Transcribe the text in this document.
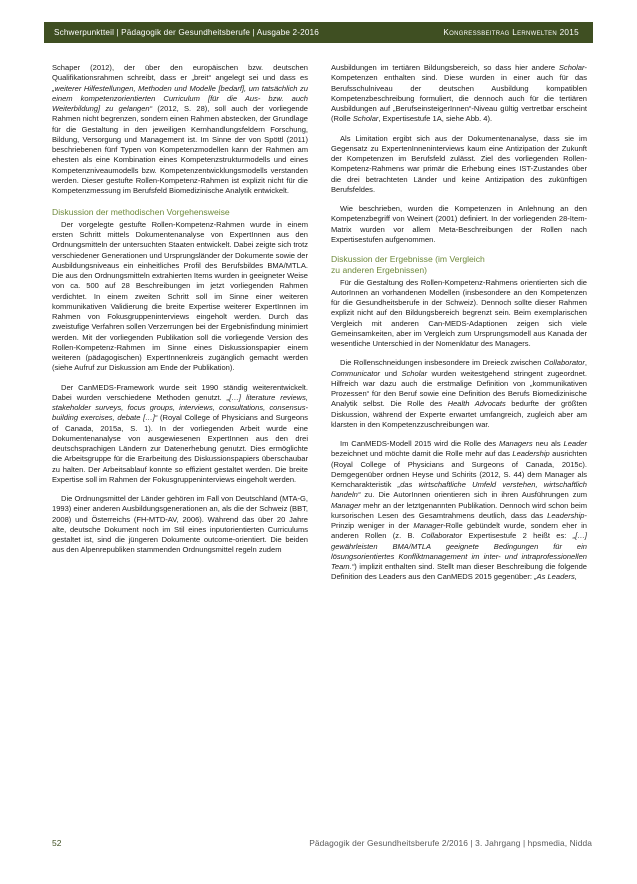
Schwerpunktteil | Pädagogik der Gesundheitsberufe | Ausgabe 2-2016	Kongressbeitrag Lernwelten 2015

Schaper (2012), der über den europäischen bzw. deutschen Qualifikationsrahmen schreibt, dass er „breit“ angelegt sei und dass es „weiterer Hilfestellungen, Methoden und Modelle [bedarf], um tatsächlich zu einem kompetenzorientierten Curriculum [für die Aus- bzw. auch Weiterbildung] zu gelangen“ (2012, S. 28), soll auch der vorliegende Rahmen nicht begrenzen, sondern einen Rahmen abstecken, der Grundlage für die Gestaltung in den jeweiligen Kernhandlungsfeldern Forschung, Bildung, Versorgung und Management ist. Im Sinne der von Spöttl (2011) beschriebenen fünf Typen von Kompetenzmodellen kann der Rahmen am ehesten als eine Kombination eines Kompetenzstrukturmodells und eines Kompetenzniveaumodells bzw. Kompetenzentwicklungsmodells verstanden werden. Dieser gestufte Rollen-Kompetenz-Rahmen ist explizit nicht für die Kompetenzmessung im Berufsfeld Biomedizinische Analytik entwickelt.

Diskussion der methodischen Vorgehensweise

Der vorgelegte gestufte Rollen-Kompetenz-Rahmen wurde in einem ersten Schritt mittels Dokumentenanalyse von ExpertInnen aus den Ordnungsmitteln der untersuchten Staaten entwickelt. Dabei zeigte sich trotz verschiedener Generationen und Ursprungsländer der Dokumente sowie der Ausbildungsniveaus ein einheitliches Profil des Berufsbildes BMA/MTLA. Die aus den Ordnungsmitteln extrahierten Items wurden in geeigneter Weise von ca. 500 auf 28 Beschreibungen im jetzt vorliegenden Rahmen verdichtet. In einem zweiten Schritt soll im Sinne einer weiteren kommunikativen Validierung die breite Expertise weiterer ExpertInnen im Rahmen von Fokusgruppeninterviews eingeholt werden. Durch das zweistufige Verfahren sollen Verzerrungen bei der Ergebnisfindung minimiert werden. Mit der vorliegenden Publikation soll die vorliegende Version des Rollen-Kompetenz-Rahmen im Sinne eines Diskussionspapier einem weiteren (pädagogischen) ExpertInnenkreis zugänglich gemacht werden (siehe Aufruf zur Diskussion am Ende der Publikation).

Der CanMEDS-Framework wurde seit 1990 ständig weiterentwickelt. Dabei wurden verschiedene Methoden genutzt. „[…] literature reviews, stakeholder surveys, focus groups, interviews, consultations, consensus-building exercises, debate […]“ (Royal College of Physicians and Surgeons of Canada, 2015a, S. 1). In der vorliegenden Arbeit wurde eine Dokumentenanalyse von ausgewiesenen ExpertInnen aus den drei deutschsprachigen Ländern zur Datenerhebung genutzt. Dies ermöglichte die Arbeitsgruppe für die Erarbeitung des Diskussionspapiers überschaubar zu halten. Der Arbeitsablauf konnte so effizient gestaltet werden. Die breite Expertise soll im Rahmen der Fokusgruppeninterviews eingeholt werden.

Die Ordnungsmittel der Länder gehören im Fall von Deutschland (MTA-G, 1993) einer anderen Ausbildungsgenerationen an, als die der Schweiz (BBT, 2008) und Österreichs (FH-MTD-AV, 2006). Während das über 20 Jahre alte, deutsche Dokument noch im Stil eines inputorientierten Curriculums gestaltet ist, sind die jüngeren Dokumente outcome-orientiert. Die beiden aus den Alpenrepubliken stammenden Ordnungsmittel regeln zudem

Ausbildungen im tertiären Bildungsbereich, so dass hier andere Scholar-Kompetenzen enthalten sind. Diese wurden in einer auch für das Berufsschulniveau der deutschen Ausbildung kompatiblen Kompetenzbeschreibung formuliert, die dennoch auch für die tertiären Ausbildungen auf „BerufseinsteigerInnen“-Niveau gültig vertretbar erscheint (Rolle Scholar, Expertisestufe 1A, siehe Abb. 4).

Als Limitation ergibt sich aus der Dokumentenanalyse, dass sie im Gegensatz zu ExpertenInneninterviews kaum eine Antizipation der Zukunft der Kompetenzen im Berufsfeld zulässt. Ziel des vorliegenden Rollen-Kompetenz-Rahmens war primär die Erhebung eines IST-Zustandes über die drei betrachteten Länder und keine Antizipation des zukünftigen Berufsfeldes.

Wie beschrieben, wurden die Kompetenzen in Anlehnung an den Kompetenzbegriff von Weinert (2001) definiert. In der vorliegenden 28-Item-Matrix wurden vor allem Meta-Beschreibungen der Rollen nach Expertisestufen aufgenommen.

Diskussion der Ergebnisse (im Vergleich
zu anderen Ergebnissen)

Für die Gestaltung des Rollen-Kompetenz-Rahmens orientierten sich die AutorInnen an vorhandenen Modellen (insbesondere an den Kompetenzen für die Gesundheitsberufe in der Schweiz). Dennoch sollte dieser Rahmen explizit nicht auf den Bildungsbereich begrenzt sein. Beim exemplarischen Vergleich mit anderen Can-MEDS-Adaptionen zeigen sich viele Gemeinsamkeiten, aber im Vergleich zum Ursprungsmodell aus Kanada der wesentliche Unterschied in der Nomenklatur des Managers.

Die Rollenschneidungen insbesondere im Dreieck zwischen Collaborator, Communicator und Scholar wurden weitestgehend stringent zugeordnet. Hilfreich war dazu auch die erstmalige Definition von „kommunikativen Prozessen“ für den Beruf sowie eine Definition des Berufs Biomedizinische Analytik selbst. Die Rolle des Health Advocats bedurfte der größten Diskussion, während der Experte erwartet umfangreich, zugleich aber am klarsten in den Kompetenzzuschreibungen war.

Im CanMEDS-Modell 2015 wird die Rolle des Managers neu als Leader bezeichnet und möchte damit die Rolle mehr auf das Leadership ausrichten (Royal College of Physicians and Surgeons of Canada, 2015c). Demgegenüber ordnen Heyse und Schirits (2012, S. 44) dem Manager als Kerncharakteristik „das wirtschaftliche Umfeld verstehen, wirtschaftlich handeln“ zu. Die AutorInnen orientieren sich in ihren Ausführungen zum Manager mehr an der letztgenannten Publikation. Dennoch wird schon beim kursorischen Lesen des Gesamtrahmens deutlich, dass das Leadership-Prinzip weniger in der Manager-Rolle gebündelt wurde, sondern eher in anderen Rollen (z. B. Collaborator Expertisestufe 2 heißt es: „[…] gewährleisten BMA/MTLA geeignete Bedingungen für ein lösungsorientiertes Konfliktmanagement im inter- und intraprofessionellen Team.“) implizit enthalten sind. Stellt man dieser Beschreibung die folgende Definition des Leaders aus den CanMEDS 2015 gegenüber: „As Leaders,

52	Pädagogik der Gesundheitsberufe 2/2016 | 3. Jahrgang | hpsmedia, Nidda
